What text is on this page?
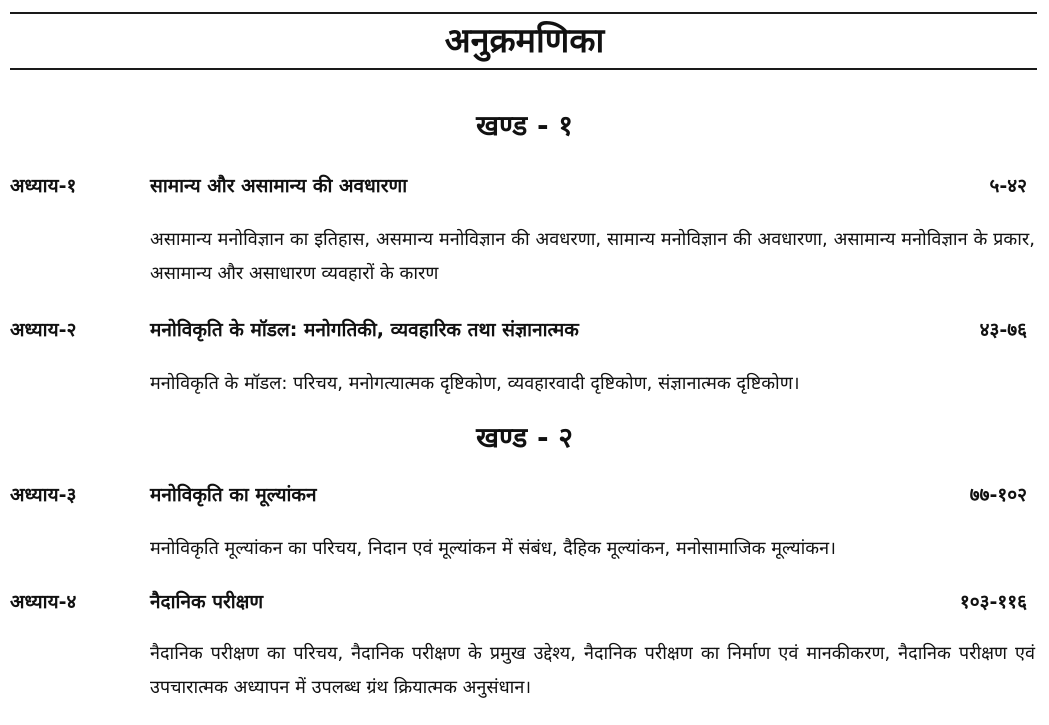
अनुक्रमणिका
खण्ड - १
अध्याय-१	सामान्य और असामान्य की अवधारणा	५-४२
असामान्य मनोविज्ञान का इतिहास, असमान्य मनोविज्ञान की अवधरणा, सामान्य मनोविज्ञान की अवधारणा, असामान्य मनोविज्ञान के प्रकार, असामान्य और असाधारण व्यवहारों के कारण
अध्याय-२	मनोविकृति के मॉडल: मनोगतिकी, व्यवहारिक तथा संज्ञानात्मक	४३-७६
मनोविकृति के मॉडल: परिचय, मनोगत्यात्मक दृष्टिकोण, व्यवहारवादी दृष्टिकोण, संज्ञानात्मक दृष्टिकोण।
खण्ड - २
अध्याय-३	मनोविकृति का मूल्यांकन	७७-१०२
मनोविकृति मूल्यांकन का परिचय, निदान एवं मूल्यांकन में संबंध, दैहिक मूल्यांकन, मनोसामाजिक मूल्यांकन।
अध्याय-४	नैदानिक परीक्षण	१०३-११६
नैदानिक परीक्षण का परिचय, नैदानिक परीक्षण के प्रमुख उद्देश्य, नैदानिक परीक्षण का निर्माण एवं मानकीकरण, नैदानिक परीक्षण एवं उपचारात्मक अध्यापन में उपलब्ध ग्रंथ क्रियात्मक अनुसंधान।
